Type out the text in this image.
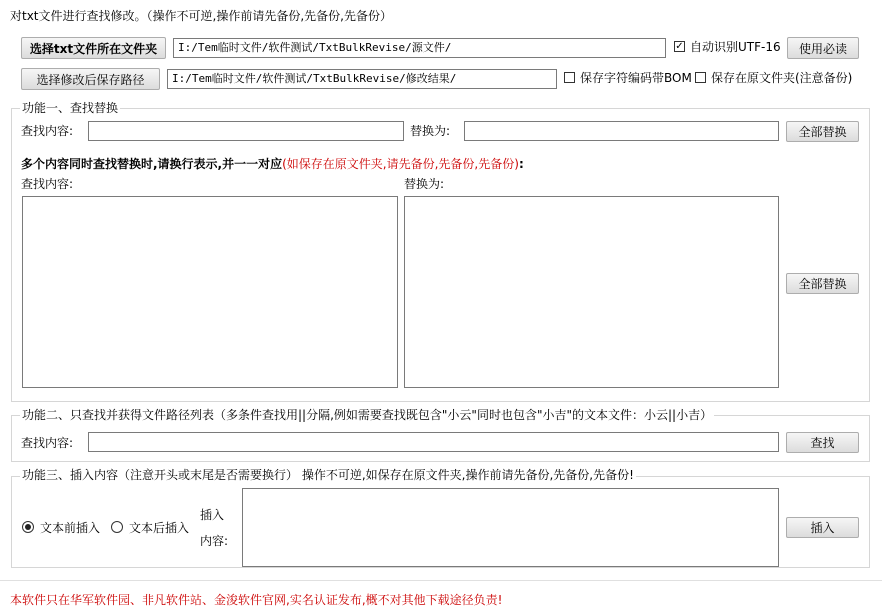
对txt文件进行查找修改。（操作不可逆,操作前请先备份,先备份,先备份）
选择txt文件所在文件夹	I:/Tem临时文件/软件测试/TxtBulkRevise/源文件/	✓ 自动识别UTF-16	使用必读
选择修改后保存路径	I:/Tem临时文件/软件测试/TxtBulkRevise/修改结果/	保存字符编码带BOM 保存在原文件夹(注意备份)
功能一、查找替换
查找内容:	替换为:	全部替换
多个内容同时查找替换时,请换行表示,并一一对应(如保存在原文件夹,请先备份,先备份,先备份):
查找内容:	替换为:
全部替换
功能二、只查找并获得文件路径列表（多条件查找用||分隔,例如需要查找既包含"小云"同时也包含"小吉"的文本文件：小云||小吉）
查找内容:	查找
功能三、插入内容（注意开头或末尾是否需要换行） 操作不可逆,如保存在原文件夹,操作前请先备份,先备份,先备份!
文本前插入 文本后插入
插入
内容:
插入
本软件只在华军软件园、非凡软件站、金浚软件官网,实名认证发布,概不对其他下载途径负责!
